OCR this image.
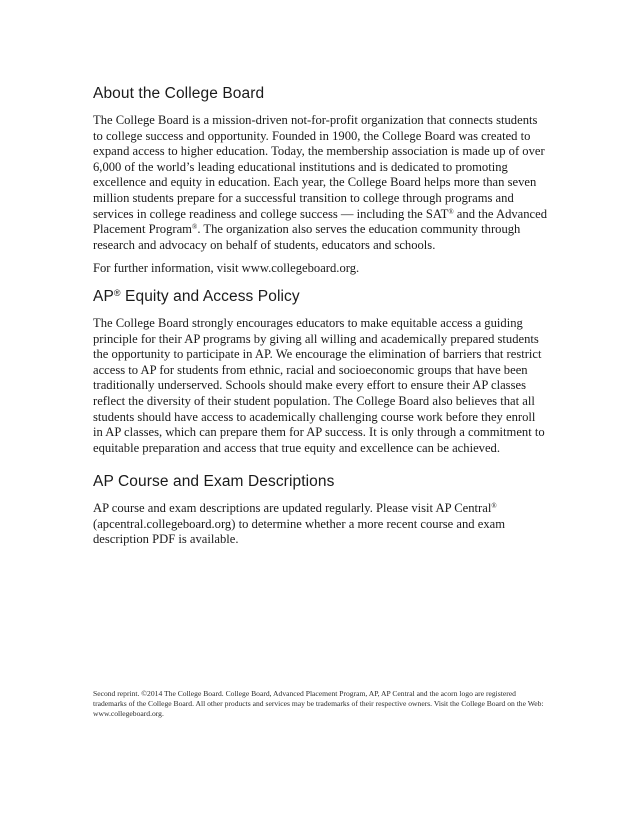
About the College Board

The College Board is a mission-driven not-for-profit organization that connects students to college success and opportunity. Founded in 1900, the College Board was created to expand access to higher education. Today, the membership association is made up of over 6,000 of the world’s leading educational institutions and is dedicated to promoting excellence and equity in education. Each year, the College Board helps more than seven million students prepare for a successful transition to college through programs and services in college readiness and college success — including the SAT® and the Advanced Placement Program®. The organization also serves the education community through research and advocacy on behalf of students, educators and schools.

For further information, visit www.collegeboard.org.

AP® Equity and Access Policy

The College Board strongly encourages educators to make equitable access a guiding principle for their AP programs by giving all willing and academically prepared students the opportunity to participate in AP. We encourage the elimination of barriers that restrict access to AP for students from ethnic, racial and socioeconomic groups that have been traditionally underserved. Schools should make every effort to ensure their AP classes reflect the diversity of their student population. The College Board also believes that all students should have access to academically challenging course work before they enroll in AP classes, which can prepare them for AP success. It is only through a commitment to equitable preparation and access that true equity and excellence can be achieved.

AP Course and Exam Descriptions

AP course and exam descriptions are updated regularly. Please visit AP Central® (apcentral.collegeboard.org) to determine whether a more recent course and exam description PDF is available.

Second reprint. ©2014 The College Board. College Board, Advanced Placement Program, AP, AP Central and the acorn logo are registered trademarks of the College Board. All other products and services may be trademarks of their respective owners. Visit the College Board on the Web: www.collegeboard.org.
